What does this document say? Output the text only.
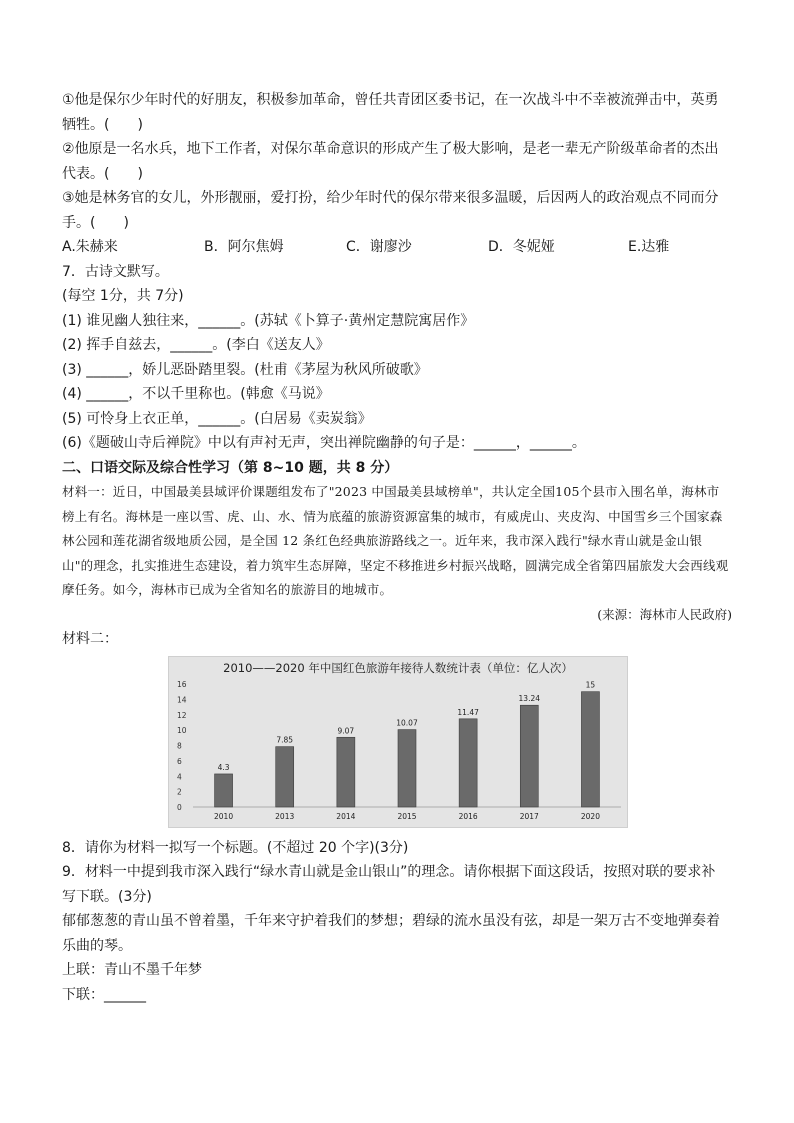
①他是保尔少年时代的好朋友，积极参加革命，曾任共青团区委书记，在一次战斗中不幸被流弹击中，英勇
牺牲。(　　)
②他原是一名水兵，地下工作者，对保尔革命意识的形成产生了极大影响，是老一辈无产阶级革命者的杰出
代表。(　　)
③她是林务官的女儿，外形靓丽，爱打扮，给少年时代的保尔带来很多温暖，后因两人的政治观点不同而分
手。(　　)
A.朱赫来	B．阿尔焦姆	C．谢廖沙	D．冬妮娅	E.达雅
7．古诗文默写。
(每空 1分，共 7分)
(1) 谁见幽人独往来，______。(苏轼《卜算子·黄州定慧院寓居作》
(2) 挥手自兹去，______。(李白《送友人》
(3) ______，娇儿恶卧踏里裂。(杜甫《茅屋为秋风所破歌》
(4) ______，不以千里称也。(韩愈《马说》
(5) 可怜身上衣正单，______。(白居易《卖炭翁》
(6)《题破山寺后禅院》中以有声衬无声，突出禅院幽静的句子是：______，______。
二、口语交际及综合性学习（第 8~10 题，共 8 分）
材料一：近日，中国最美县域评价课题组发布了"2023 中国最美县域榜单"，共认定全国105个县市入围名单，海林市榜上有名。海林是一座以雪、虎、山、水、情为底蕴的旅游资源富集的城市，有威虎山、夹皮沟、中国雪乡三个国家森林公园和莲花湖省级地质公园，是全国 12 条红色经典旅游路线之一。近年来，我市深入践行"绿水青山就是金山银山"的理念，扎实推进生态建设，着力筑牢生态屏障，坚定不移推进乡村振兴战略，圆满完成全省第四届旅发大会西线观摩任务。如今，海林市已成为全省知名的旅游目的地城市。
(来源：海林市人民政府)
材料二：
2010——2020 年中国红色旅游年接待人数统计表（单位：亿人次）
0
2
4
6
8
10
12
14
16
4.3
2010
7.85
2013
9.07
2014
10.07
2015
11.47
2016
13.24
2017
15
2020
8．请你为材料一拟写一个标题。(不超过 20 个字)(3分)
9．材料一中提到我市深入践行“绿水青山就是金山银山”的理念。请你根据下面这段话，按照对联的要求补
写下联。(3分)
郁郁葱葱的青山虽不曾着墨，千年来守护着我们的梦想；碧绿的流水虽没有弦，却是一架万古不变地弹奏着
乐曲的琴。
上联：青山不墨千年梦
下联：______
